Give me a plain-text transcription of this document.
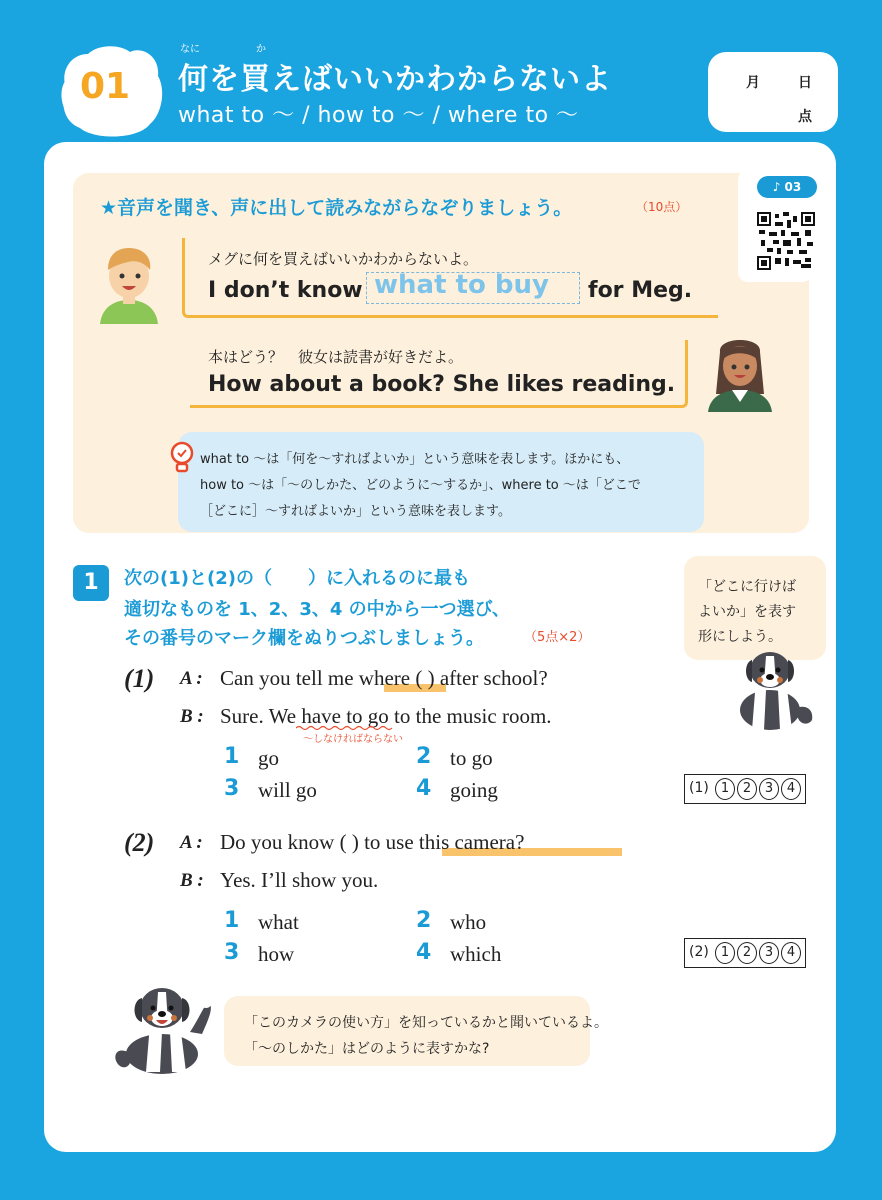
01
なに	か
何を買えばいいかわからないよ
what to ～ / how to ～ / where to ～
月	日
点
★音声を聞き、声に出して読みながらなぞりましょう。	（10点）
♪ 03
メグに何を買えばいいかわからないよ。
I don’t know what to buy for Meg.
本はどう？　彼女は読書が好きだよ。
How about a book? She likes reading.
what to ～は「何を～すればよいか」という意味を表します。ほかにも、
how to ～は「～のしかた、どのように～するか」、where to ～は「どこで
［どこに］～すればよいか」という意味を表します。
1	次の(1)と(2)の（　　）に入れるのに最も
適切なものを 1、2、3、4 の中から一つ選び、
その番号のマーク欄をぬりつぶしましょう。	（5点×2）
「どこに行けば
よいか」を表す
形にしよう。
(1) A : Can you tell me where ( ) after school?
B : Sure. We have to go to the music room.
〜しなければならない
1 go	2 to go
3 will go	4 going	(1) 1	2	3	4
(2) A : Do you know ( ) to use this camera?
B : Yes. I’ll show you.
1 what	2 who
3 how	4 which	(2) 1	2	3	4
「このカメラの使い方」を知っているかと聞いているよ。
「～のしかた」はどのように表すかな?
